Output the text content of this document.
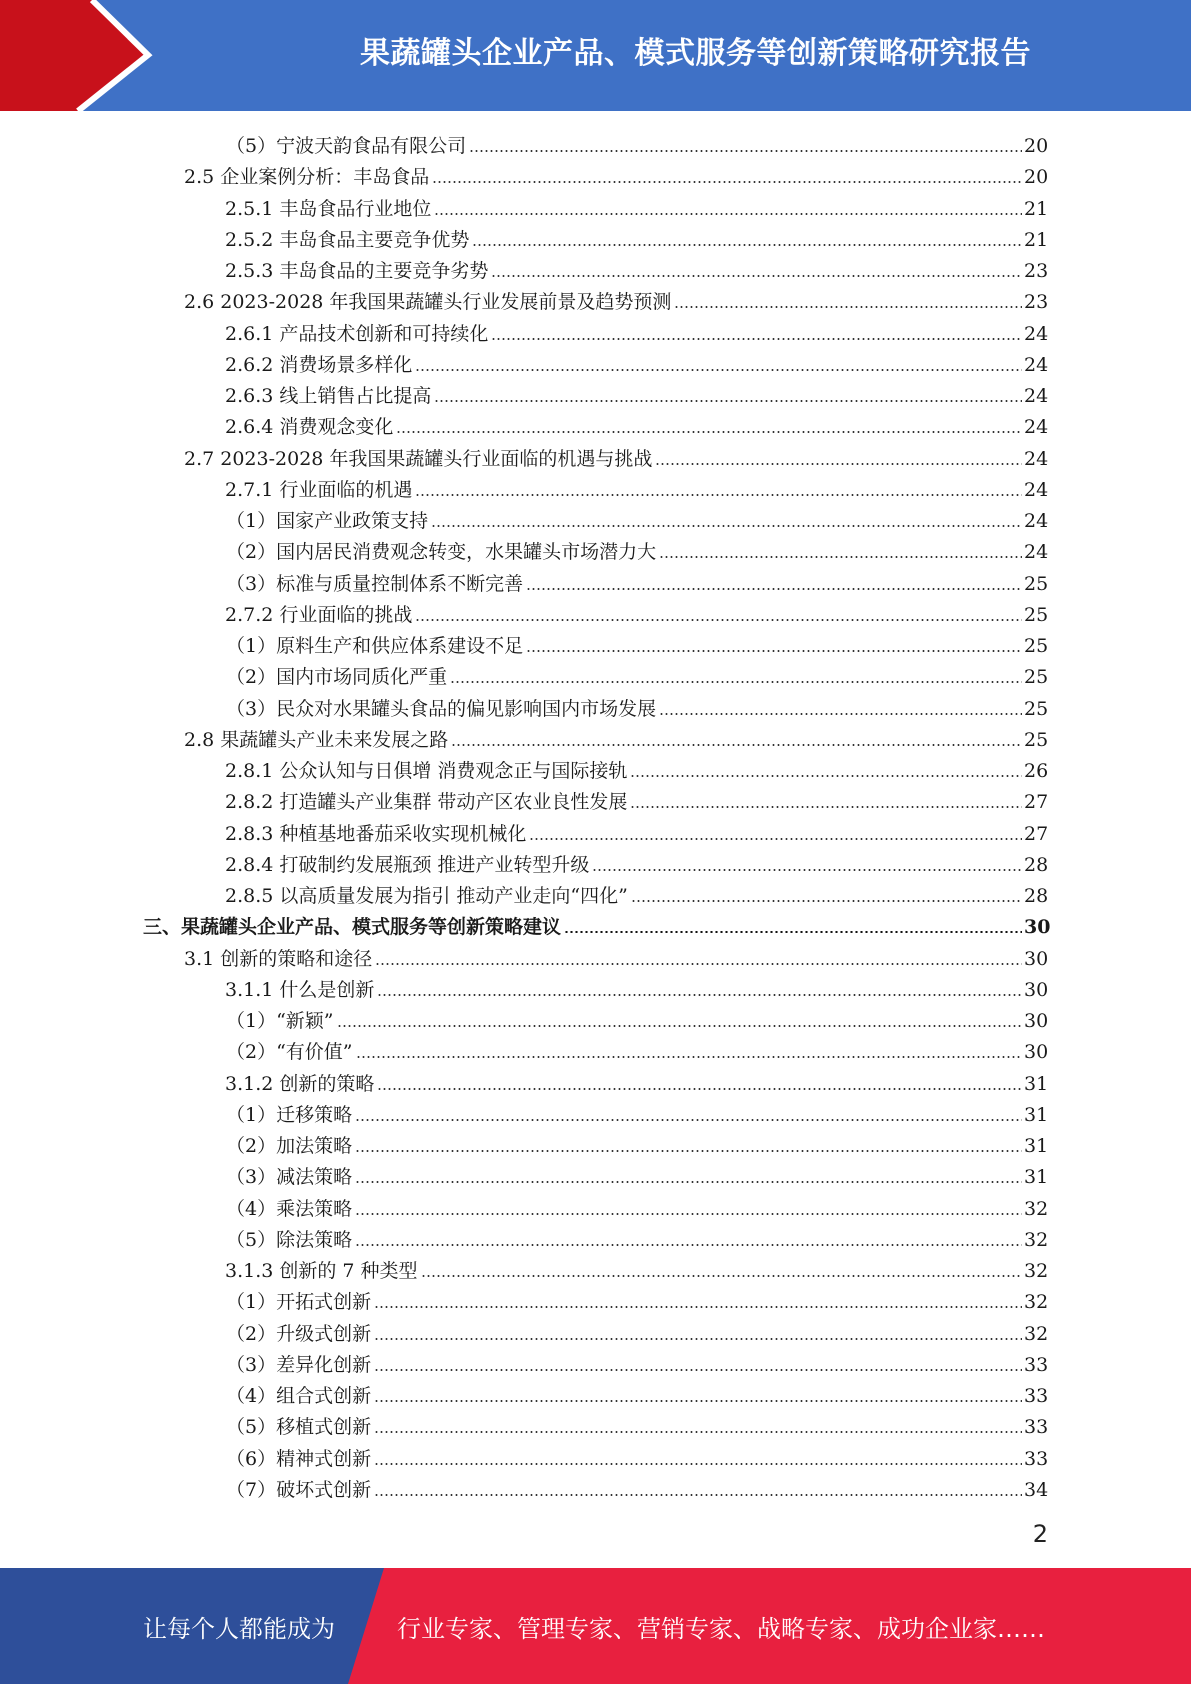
果蔬罐头企业产品、模式服务等创新策略研究报告
（5）宁波天韵食品有限公司	20
2.5 企业案例分析：丰岛食品	20
2.5.1 丰岛食品行业地位	21
2.5.2 丰岛食品主要竞争优势	21
2.5.3 丰岛食品的主要竞争劣势	23
2.6 2023-2028 年我国果蔬罐头行业发展前景及趋势预测	23
2.6.1 产品技术创新和可持续化	24
2.6.2 消费场景多样化	24
2.6.3 线上销售占比提高	24
2.6.4 消费观念变化	24
2.7 2023-2028 年我国果蔬罐头行业面临的机遇与挑战	24
2.7.1 行业面临的机遇	24
（1）国家产业政策支持	24
（2）国内居民消费观念转变，水果罐头市场潜力大	24
（3）标准与质量控制体系不断完善	25
2.7.2 行业面临的挑战	25
（1）原料生产和供应体系建设不足	25
（2）国内市场同质化严重	25
（3）民众对水果罐头食品的偏见影响国内市场发展	25
2.8 果蔬罐头产业未来发展之路	25
2.8.1 公众认知与日俱增 消费观念正与国际接轨	26
2.8.2 打造罐头产业集群 带动产区农业良性发展	27
2.8.3 种植基地番茄采收实现机械化	27
2.8.4 打破制约发展瓶颈 推进产业转型升级	28
2.8.5 以高质量发展为指引 推动产业走向“四化”	28
三、果蔬罐头企业产品、模式服务等创新策略建议	30
3.1 创新的策略和途径	30
3.1.1 什么是创新	30
（1）“新颖”	30
（2）“有价值”	30
3.1.2 创新的策略	31
（1）迁移策略	31
（2）加法策略	31
（3）减法策略	31
（4）乘法策略	32
（5）除法策略	32
3.1.3 创新的 7 种类型	32
（1）开拓式创新	32
（2）升级式创新	32
（3）差异化创新	33
（4）组合式创新	33
（5）移植式创新	33
（6）精神式创新	33
（7）破坏式创新	34
2
让每个人都能成为	行业专家、管理专家、营销专家、战略专家、成功企业家……
